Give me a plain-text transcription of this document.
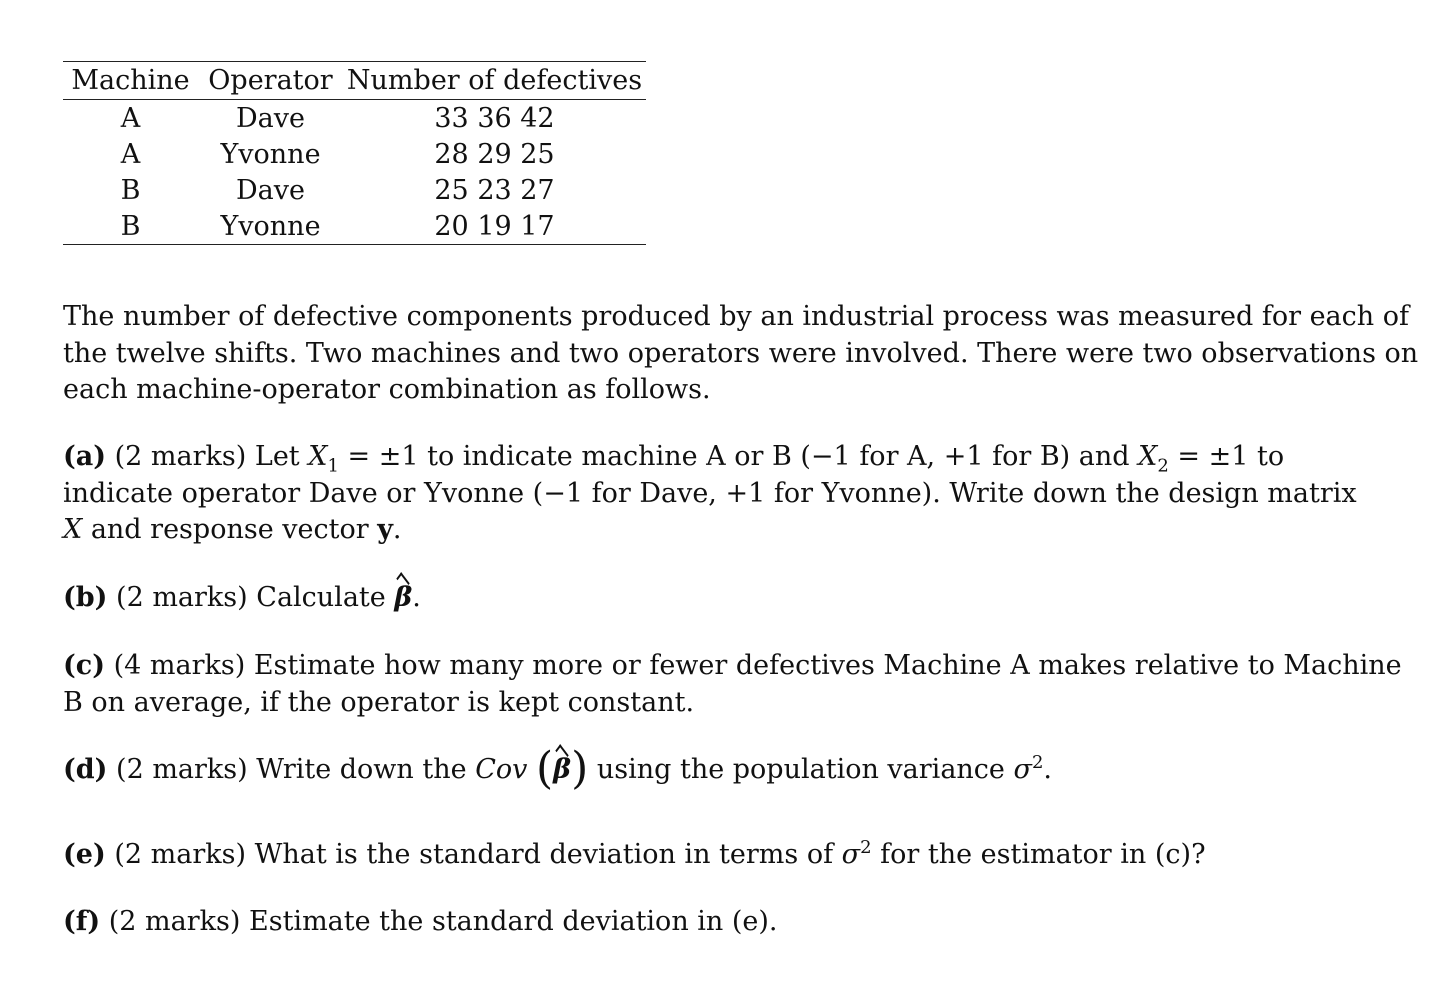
Machine	Operator	Number of defectives
A	Dave	33 36 42
A	Yvonne	28 29 25
B	Dave	25 23 27
B	Yvonne	20 19 17
The number of defective components produced by an industrial process was measured for each of
the twelve shifts. Two machines and two operators were involved. There were two observations on
each machine-operator combination as follows.
(a) (2 marks) Let $X_1 = \pm 1$ to indicate machine A or B (−1 for A, +1 for B) and $X_2 = \pm 1$ to
indicate operator Dave or Yvonne (−1 for Dave, +1 for Yvonne). Write down the design matrix
X and response vector y.
(b) (2 marks) Calculate β.
(c) (4 marks) Estimate how many more or fewer defectives Machine A makes relative to Machine
B on average, if the operator is kept constant.
(d) (2 marks) Write down the Cov (β) using the population variance $\sigma^2$.
(e) (2 marks) What is the standard deviation in terms of $\sigma^2$ for the estimator in (c)?
(f) (2 marks) Estimate the standard deviation in (e).
